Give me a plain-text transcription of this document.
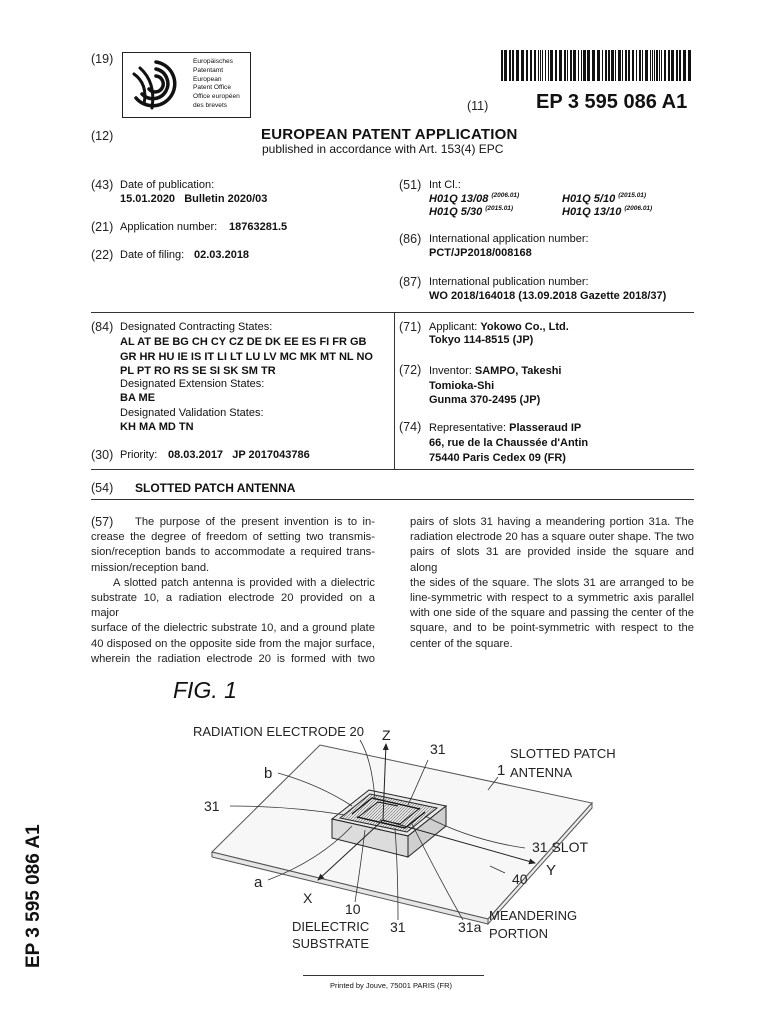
(19)	Europäisches
Patentamt
European
Patent Office
Office européen
des brevets	(11) EP 3 595 086 A1
(12)	EUROPEAN PATENT APPLICATION
published in accordance with Art. 153(4) EPC
(43) Date of publication:
15.01.2020   Bulletin 2020/03
(21) Application number: 18763281.5
(22) Date of filing: 02.03.2018
(51) Int Cl.:
H01Q 13/08 $^{(2006.01)}$	H01Q 5/10 $^{(2015.01)}$
H01Q 5/30 $^{(2015.01)}$	H01Q 13/10 $^{(2006.01)}$
(86) International application number:
PCT/JP2018/008168
(87) International publication number:
WO 2018/164018 (13.09.2018 Gazette 2018/37)
(84) Designated Contracting States:
AL AT BE BG CH CY CZ DE DK EE ES FI FR GB
GR HR HU IE IS IT LI LT LU LV MC MK MT NL NO
PL PT RO RS SE SI SK SM TR
Designated Extension States:
BA ME
Designated Validation States:
KH MA MD TN
(30) Priority: 08.03.2017   JP 2017043786
(71) Applicant: Yokowo Co., Ltd.
Tokyo 114-8515 (JP)
(72) Inventor: SAMPO, Takeshi
Tomioka-Shi
Gunma 370-2495 (JP)
(74) Representative: Plasseraud IP
66, rue de la Chaussée d'Antin
75440 Paris Cedex 09 (FR)
(54) SLOTTED PATCH ANTENNA
(57)	The purpose of the present invention is to in-
crease the degree of freedom of setting two transmis-
sion/reception bands to accommodate a required trans-
mission/reception band.
A slotted patch antenna is provided with a dielectric
substrate 10, a radiation electrode 20 provided on a major
surface of the dielectric substrate 10, and a ground plate
40 disposed on the opposite side from the major surface,
wherein the radiation electrode 20 is formed with two
pairs of slots 31 having a meandering portion 31a. The
radiation electrode 20 has a square outer shape. The two
pairs of slots 31 are provided inside the square and along
the sides of the square. The slots 31 are arranged to be
line-symmetric with respect to a symmetric axis parallel
with one side of the square and passing the center of the
square, and to be point-symmetric with respect to the
center of the square.
FIG. 1
RADIATION ELECTRODE 20 Z
31	SLOTTED PATCH
ANTENNA
1
b
31
31 SLOT
Y
40
a
X
10
DIELECTRIC
SUBSTRATE
31	31a
MEANDERING
PORTION
EP 3 595 086 A1
Printed by Jouve, 75001 PARIS (FR)
